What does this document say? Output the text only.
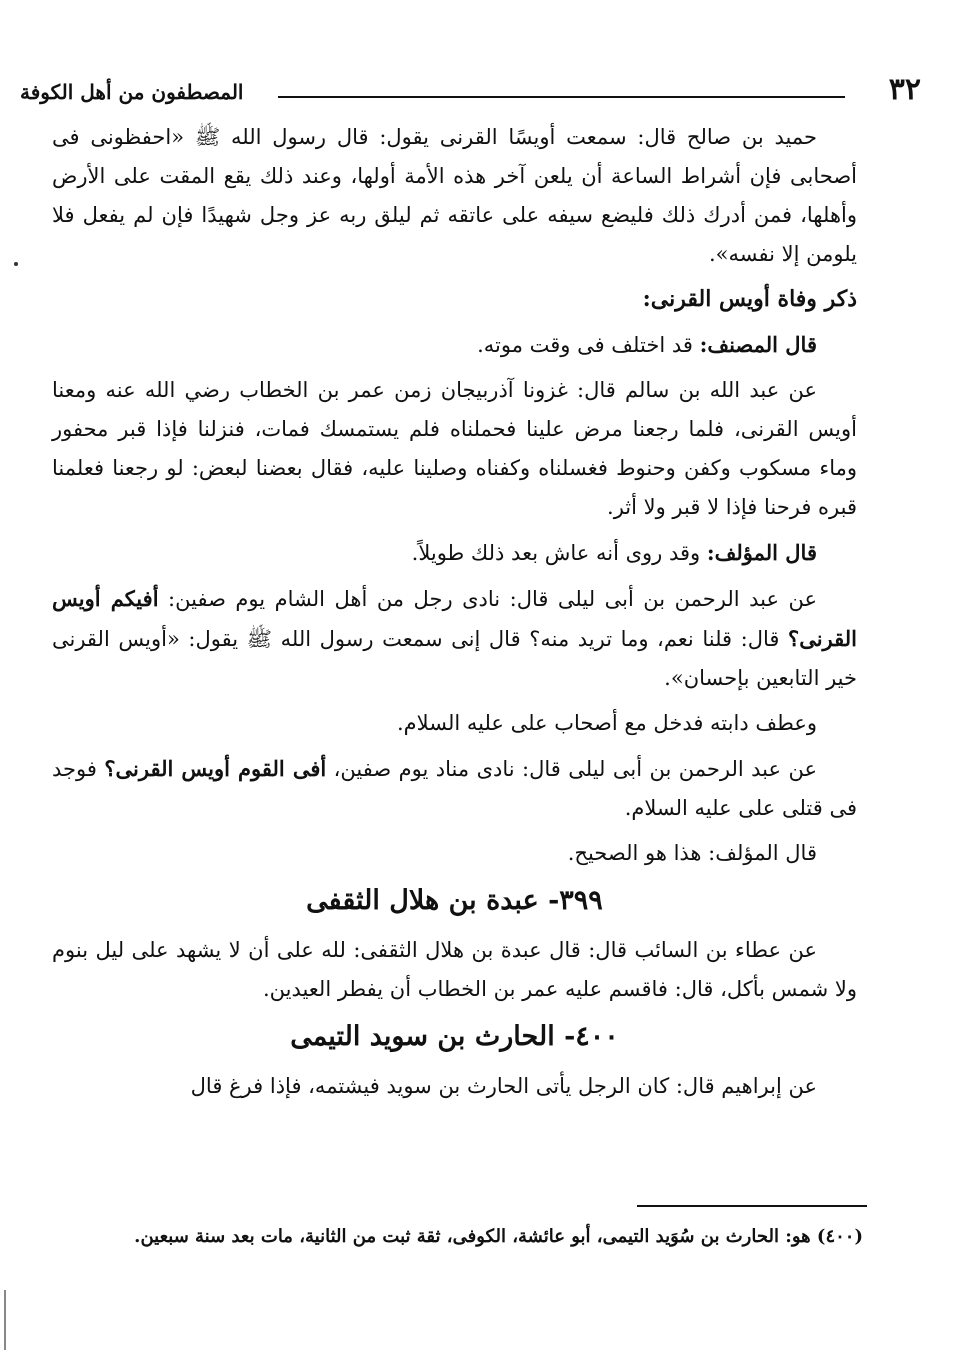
٣٢
المصطفون من أهل الكوفة

حميد بن صالح قال: سمعت أويسًا القرنى يقول: قال رسول الله ﷺ «احفظونى فى أصحابى فإن أشراط الساعة أن يلعن آخر هذه الأمة أولها، وعند ذلك يقع المقت على الأرض وأهلها، فمن أدرك ذلك فليضع سيفه على عاتقه ثم ليلق ربه عز وجل شهيدًا فإن لم يفعل فلا يلومن إلا نفسه».

ذكر وفاة أويس القرنى:

قال المصنف: قد اختلف فى وقت موته.

عن عبد الله بن سالم قال: غزونا آذربيجان زمن عمر بن الخطاب رضي الله عنه ومعنا أويس القرنى، فلما رجعنا مرض علينا فحملناه فلم يستمسك فمات، فنزلنا فإذا قبر محفور وماء مسكوب وكفن وحنوط فغسلناه وكفناه وصلينا عليه، فقال بعضنا لبعض: لو رجعنا فعلمنا قبره فرحنا فإذا لا قبر ولا أثر.

قال المؤلف: وقد روى أنه عاش بعد ذلك طويلاً.

عن عبد الرحمن بن أبى ليلى قال: نادى رجل من أهل الشام يوم صفين: أفيكم أويس القرنى؟ قال: قلنا نعم، وما تريد منه؟ قال إنى سمعت رسول الله ﷺ يقول: «أويس القرنى خير التابعين بإحسان».

وعطف دابته فدخل مع أصحاب على عليه السلام.

عن عبد الرحمن بن أبى ليلى قال: نادى مناد يوم صفين، أفى القوم أويس القرنى؟ فوجد فى قتلى على عليه السلام.

قال المؤلف: هذا هو الصحيح.

٣٩٩- عبدة بن هلال الثقفى

عن عطاء بن السائب قال: قال عبدة بن هلال الثقفى: لله على أن لا يشهد على ليل بنوم ولا شمس بأكل، قال: فاقسم عليه عمر بن الخطاب أن يفطر العيدين.

٤٠٠- الحارث بن سويد التيمى

عن إبراهيم قال: كان الرجل يأتى الحارث بن سويد فيشتمه، فإذا فرغ قال

(٤٠٠) هو: الحارث بن سُوَيد التيمى، أبو عائشة، الكوفى، ثقة ثبت من الثانية، مات بعد سنة سبعين.
